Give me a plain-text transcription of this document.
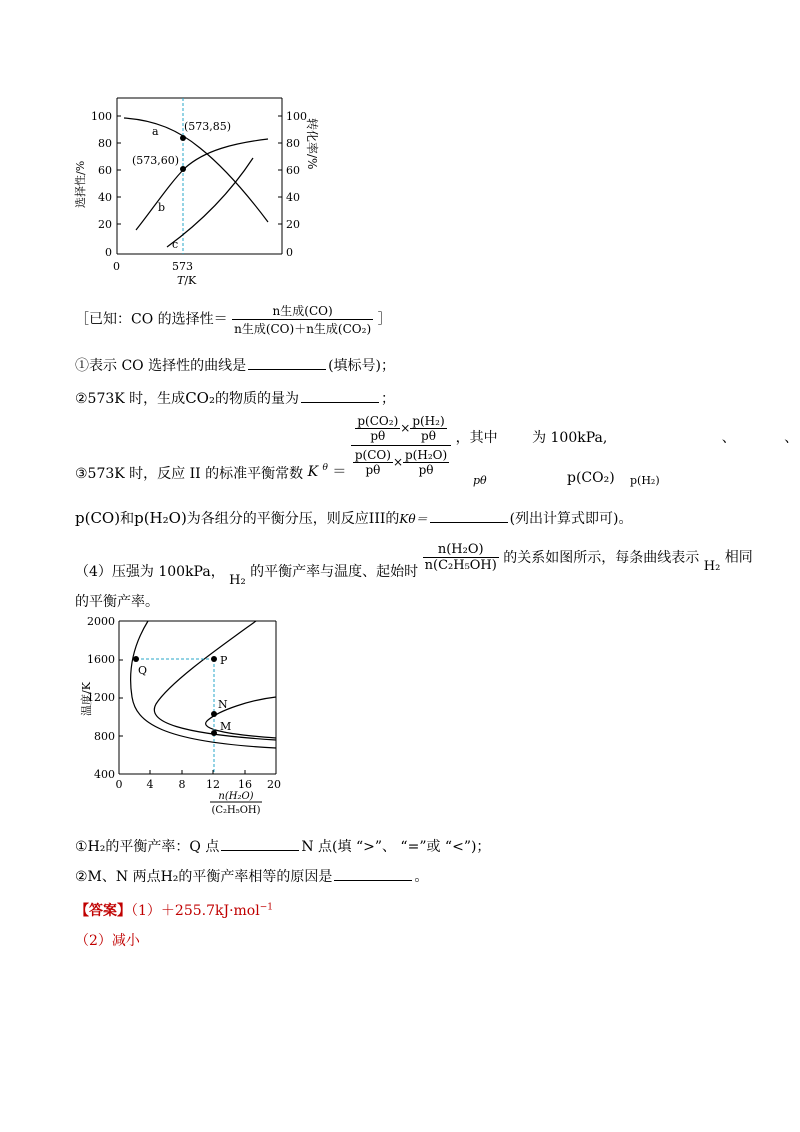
100
80
60
40
20
0
100
80
60
40
20
0
选择性/%
转化率/%
0	573
T/K
a
b
c
(573,85)
(573,60)
［已知：CO 的选择性＝ $\frac{\text{n生成(CO)}}{\text{n生成(CO)＋n生成(CO₂)}}$ ］
①表示 CO 选择性的曲线是	(填标号)；
②573K 时，生成CO₂的物质的量为	；
③573K 时，反应 II 的标准平衡常数 K $_\theta = \frac{\frac{\text{p(CO₂)}}{p\theta} \times \frac{\text{p(H₂)}}{p\theta}}{\frac{p(CO)}{p\theta} \times \frac{\text{p(H₂O)}}{p\theta}}$ ，其中 为 100kPa,	、	、
pθ	p(CO₂) p(H₂)
p(CO)和p(H₂O)为各组分的平衡分压，则反应III的Kθ＝	(列出计算式即可)。
（4）压强为 100kPa， H₂ 的平衡产率与温度、起始时 $\frac{\text{n(H₂O)}}{\text{n(C₂H₅OH)}}$ 的关系如图所示，每条曲线表示 H₂ 相同
的平衡产率。
2000
1600
1200
800
400
0 4 8 12 16 20
温度/K
n(H₂O)
(C₂H₅OH)
Q
P
N
M
①H₂的平衡产率：Q 点	N 点(填 “>”、 “=”或 “<”)；
②M、N 两点H₂的平衡产率相等的原因是	。
【答案】（1）＋255.7kJ·mol$^{-1}$
（2）减小
